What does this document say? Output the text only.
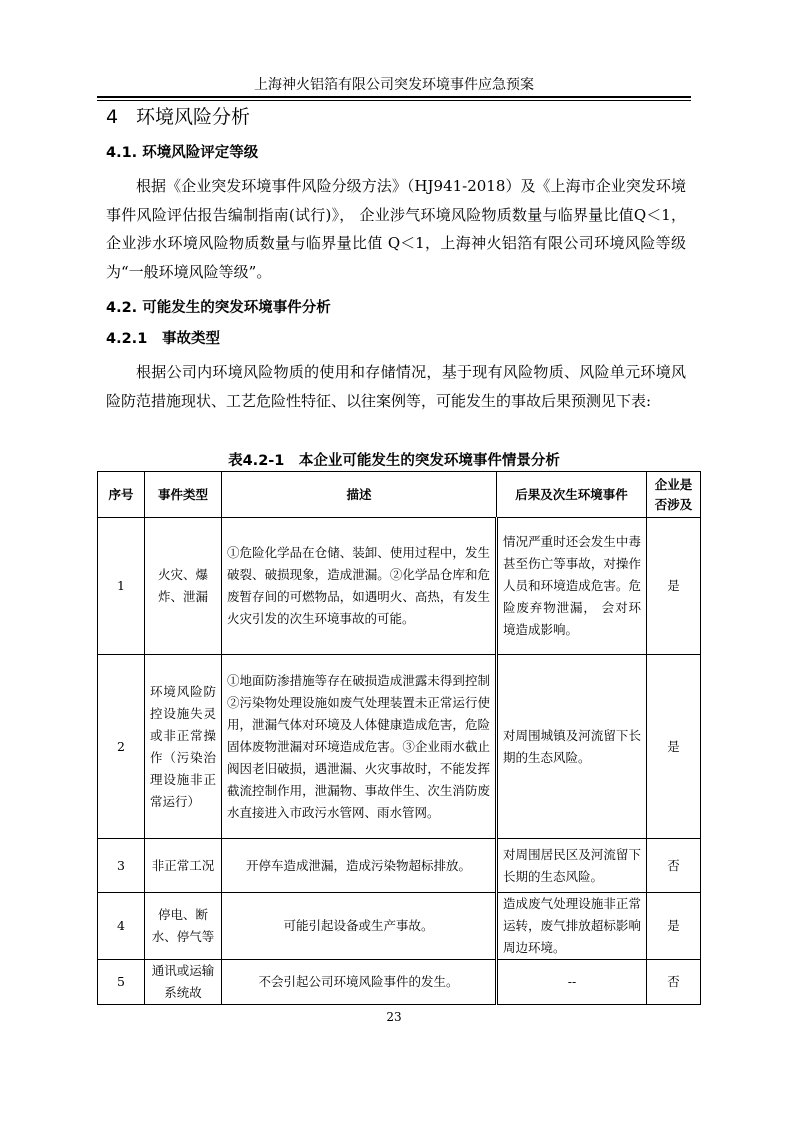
上海神火铝箔有限公司突发环境事件应急预案
4 环境风险分析
4.1. 环境风险评定等级
根据《企业突发环境事件风险分级方法》（HJ941-2018）及《上海市企业突发环境事件风险评估报告编制指南(试行)》， 企业涉气环境风险物质数量与临界量比值Q＜1，企业涉水环境风险物质数量与临界量比值 Q＜1，上海神火铝箔有限公司环境风险等级为“一般环境风险等级”。
4.2. 可能发生的突发环境事件分析
4.2.1 事故类型
根据公司内环境风险物质的使用和存储情况，基于现有风险物质、风险单元环境风险防范措施现状、工艺危险性特征、以往案例等，可能发生的事故后果预测见下表:
表4.2-1　本企业可能发生的突发环境事件情景分析
序号	事件类型	描述	后果及次生环境事件	企业是否涉及
1	火灾、爆炸、泄漏	①危险化学品在仓储、装卸、使用过程中，发生破裂、破损现象，造成泄漏。②化学品仓库和危废暂存间的可燃物品，如遇明火、高热，有发生火灾引发的次生环境事故的可能。	情况严重时还会发生中毒甚至伤亡等事故，对操作人员和环境造成危害。危险废弃物泄漏， 会对环境造成影响。	是
2	环境风险防控设施失灵或非正常操作（污染治理设施非正常运行）	①地面防渗措施等存在破损造成泄露未得到控制②污染物处理设施如废气处理装置未正常运行使用，泄漏气体对环境及人体健康造成危害，危险固体废物泄漏对环境造成危害。③企业雨水截止阀因老旧破损，遇泄漏、火灾事故时，不能发挥截流控制作用，泄漏物、事故伴生、次生消防废水直接进入市政污水管网、雨水管网。	对周围城镇及河流留下长期的生态风险。	是
3	非正常工况	开停车造成泄漏，造成污染物超标排放。	对周围居民区及河流留下长期的生态风险。	否
4	停电、断水、停气等	可能引起设备或生产事故。	造成废气处理设施非正常运转，废气排放超标影响周边环境。	是
5	通讯或运输系统故	不会引起公司环境风险事件的发生。	--	否
23
